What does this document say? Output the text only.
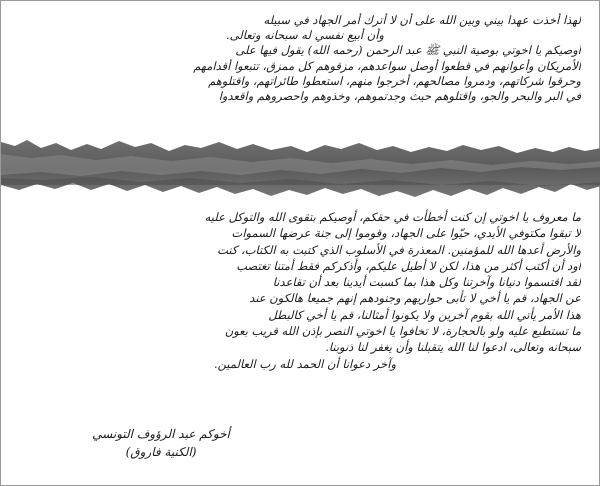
لهذا أخذت عهدا بيني وبين الله على أن لا أترك أمر الجهاد في سبيله
وأن أبيع نفسي له سبحانه وتعالى.
أوصيكم يا اخوتي بوصية النبي ﷺ عبد الرحمن (رحمه الله) يقول فيها على
الأمريكان وأعوانهم في قطعوا أوصل سواعدهم، مزقوهم كل ممزق، تتبعوا أقدامهم
وحرقوا شركاتهم، ودمروا مصالحهم، أخرجوا منهم، استعطوا طائراتهم، واقتلوهم
في البر والبحر والجو، واقتلوهم حيث وجدتموهم، وخذوهم واحصروهم واقعدوا
ما معروف يا اخوتي إن كنت أخطأت في حقكم، أوصيكم بتقوى الله والتوكل عليه
لا تبقوا مكتوفي الأيدي، حيّوا على الجهاد، وقوموا إلى جنة عرضها السموات
والأرض أعدها الله للمؤمنين. المعذرة في الأسلوب الذي كتبت به الكتاب، كنت
أود أن أكتب أكثر من هذا، لكن لا أطيل عليكم، وأذكركم فقط أمتنا تغتصب
لقد اقتسموا دنيانا وآخرتنا وكل هذا بما كسبت أيدينا بعد أن تقاعدنا
عن الجهاد، قم يا أخي لا تأبى حواريهم وجنودهم إنهم جميعا هالكون عند
هذا الأمر يأتي الله بقوم آخرين ولا يكونوا أمثالنا، قم يا أخي كالبطل
ما تستطيع عليه ولو بالحجارة، لا تخافوا يا اخوتي النصر بإذن الله قريب بعون
سبحانه وتعالى، ادعوا لنا الله يتقبلنا وأن يغفر لنا ذنوبنا.
وآخر دعوانا أن الحمد لله رب العالمين.
أخوكم عبد الرؤوف التونسي
(الكنية فاروق)
